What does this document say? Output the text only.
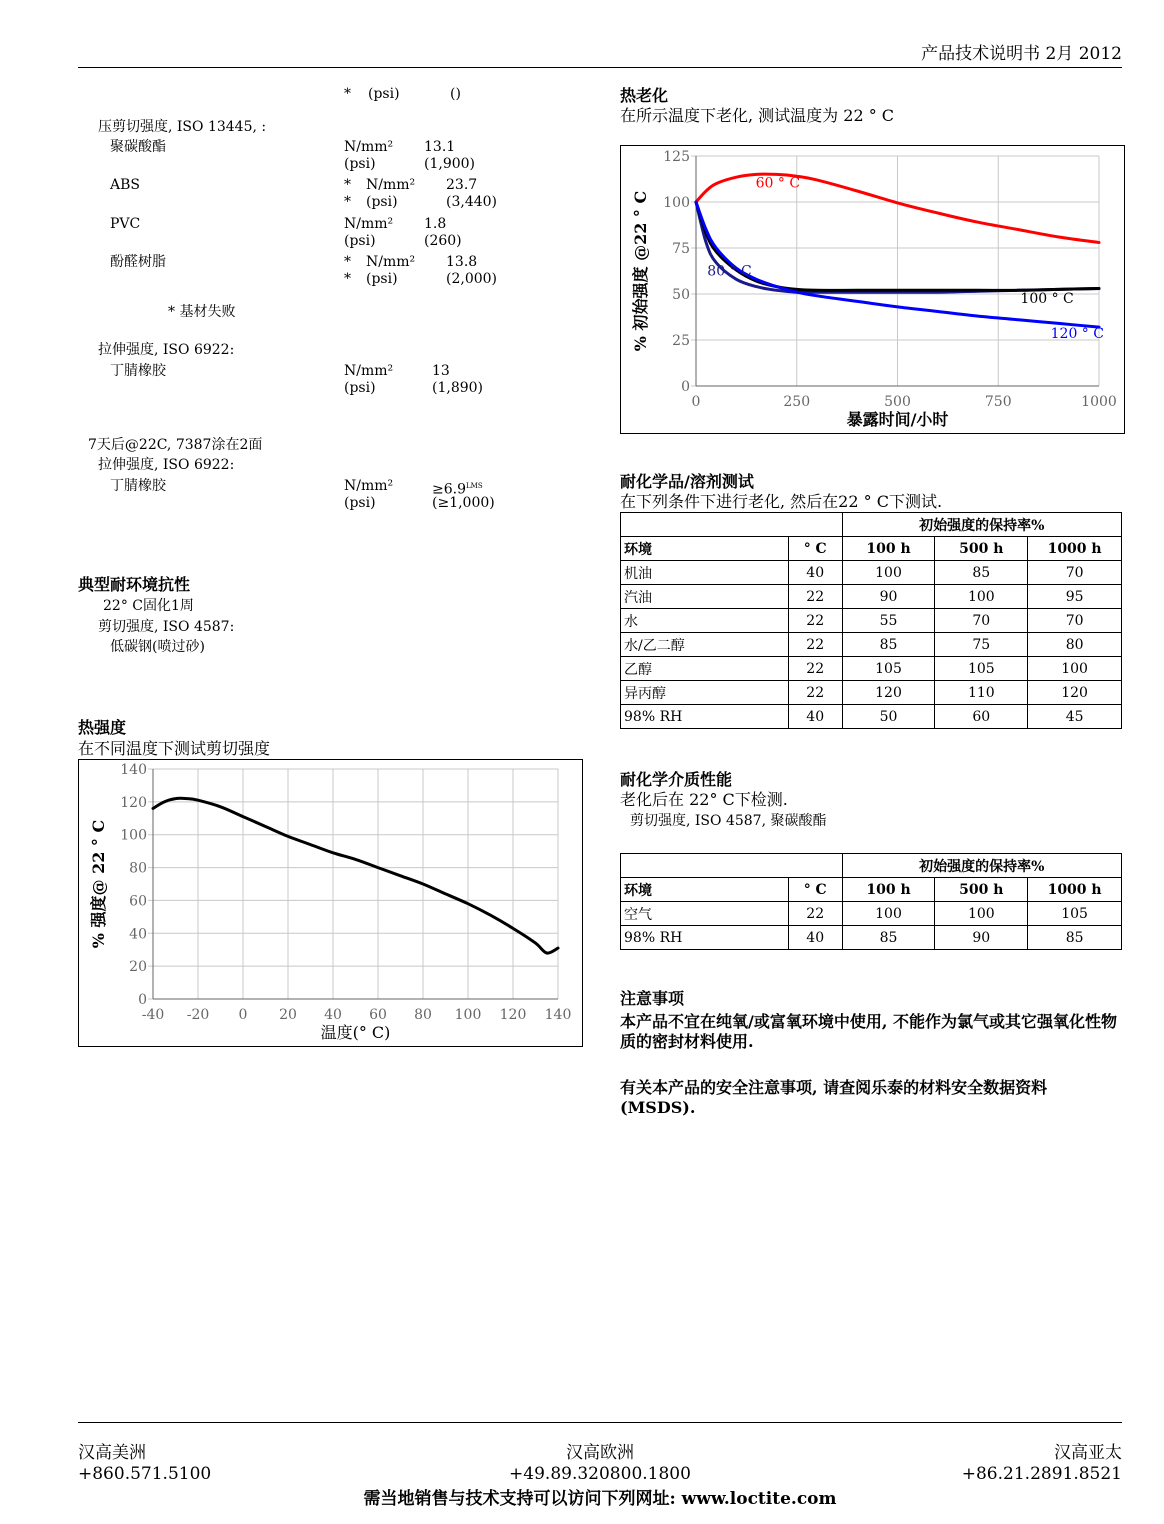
产品技术说明书 2月 2012
* (psi)	()
压剪切强度, ISO 13445, :
聚碳酸酯	N/mm² 13.1
(psi)	(1,900)
ABS	* N/mm² 23.7
* (psi)	(3,440)
PVC	N/mm² 1.8
(psi)	(260)
酚醛树脂	* N/mm² 13.8
* (psi)	(2,000)
* 基材失败
拉伸强度, ISO 6922:
丁腈橡胶	N/mm²	13
(psi)	(1,890)
7天后@22C, 7387涂在2面
拉伸强度, ISO 6922:
丁腈橡胶	N/mm²	$\ge 6.9^{LMS}$
(psi)	(≥1,000)
典型耐环境抗性
22° C固化1周
剪切强度, ISO 4587:
低碳钢(喷过砂)
热强度
在不同温度下测试剪切强度
-40 -20 0 20 40 60 80 100 120 140
0
20
40
60
80
100
120
140
温度(° C)
% 强度@ 22 ° C
热老化
在所示温度下老化, 测试温度为 22 ° C
0	250	500	750	1000
0
25
50
75
100
125
暴露时间/小时
% 初始强度 @22 ° C
60 ° C
80 ° C
100 ° C
120 ° C
耐化学品/溶剂测试
在下列条件下进行老化, 然后在22 ° C下测试.
		初始强度的保持率%		
环境	° C	100 h	500 h	1000 h
机油	40	100	85	70
汽油	22	90	100	95
水	22	55	70	70
水/乙二醇	22	85	75	80
乙醇	22	105	105	100
异丙醇	22	120	110	120
98% RH	40	50	60	45
耐化学介质性能
老化后在 22° C下检测.
剪切强度, ISO 4587, 聚碳酸酯
		初始强度的保持率%		
环境	° C	100 h	500 h	1000 h
空气	22	100	100	105
98% RH	40	85	90	85
注意事项
本产品不宜在纯氧/或富氧环境中使用, 不能作为氯气或其它强氧化性物质的密封材料使用.
有关本产品的安全注意事项, 请查阅乐泰的材料安全数据资料(MSDS).
汉高美洲
+860.571.5100
汉高欧洲
+49.89.320800.1800
汉高亚太
+86.21.2891.8521
需当地销售与技术支持可以访问下列网址: www.loctite.com
